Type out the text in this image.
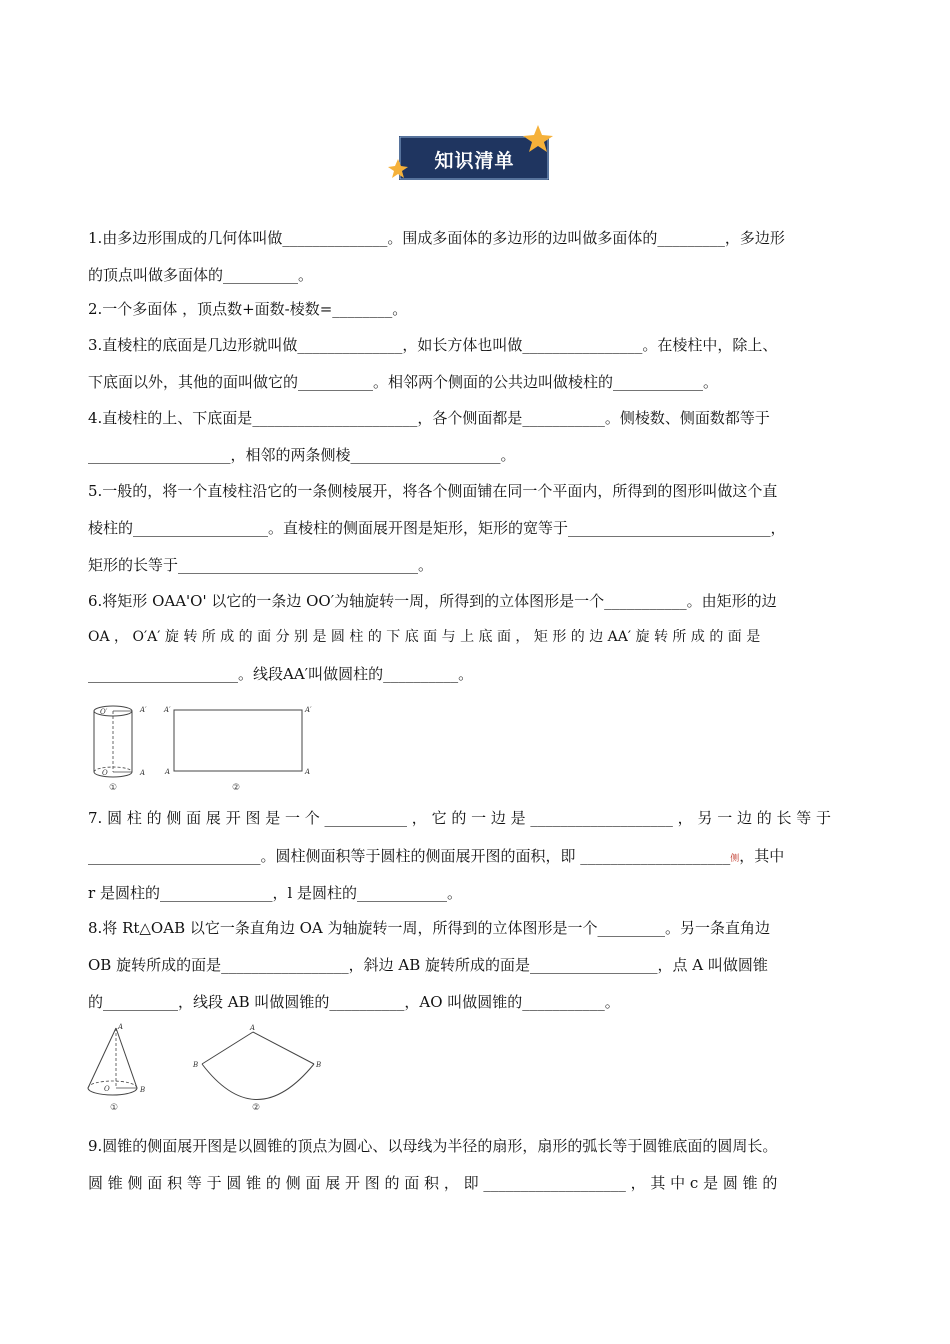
知识清单
1.由多边形围成的几何体叫做______________。围成多面体的多边形的边叫做多面体的_________，多边形
的顶点叫做多面体的__________。
2.一个多面体 ，顶点数+面数-棱数=________。
3.直棱柱的底面是几边形就叫做______________，如长方体也叫做________________。在棱柱中，除上、
下底面以外，其他的面叫做它的__________。相邻两个侧面的公共边叫做棱柱的____________。
4.直棱柱的上、下底面是______________________，各个侧面都是___________。侧棱数、侧面数都等于
___________________，相邻的两条侧棱____________________。
5.一般的，将一个直棱柱沿它的一条侧棱展开，将各个侧面铺在同一个平面内，所得到的图形叫做这个直
棱柱的__________________。直棱柱的侧面展开图是矩形，矩形的宽等于___________________________，
矩形的长等于________________________________。
6.将矩形 OAA'O' 以它的一条边 OO′为轴旋转一周，所得到的立体图形是一个___________。由矩形的边
OA ， O′A′ 旋 转 所 成 的 面 分 别 是 圆 柱 的 下 底 面 与 上 底 面 ， 矩 形 的 边 AA′ 旋 转 所 成 的 面 是
____________________。线段AA′叫做圆柱的__________。
O′	A′
O	A
①
A′	A′
A	A
②
7. 圆 柱 的 侧 面 展 开 图 是 一 个 ___________ ， 它 的 一 边 是 ___________________ ， 另 一 边 的 长 等 于
_______________________。圆柱侧面积等于圆柱的侧面展开图的面积，即 ____________________侧，其中
r 是圆柱的_______________，l 是圆柱的____________。
8.将 Rt△OAB 以它一条直角边 OA 为轴旋转一周，所得到的立体图形是一个_________。另一条直角边
OB 旋转所成的面是_________________，斜边 AB 旋转所成的面是_________________，点 A 叫做圆锥
的__________，线段 AB 叫做圆锥的__________，AO 叫做圆锥的___________。
A
O	B
①
A
B	B
②
9.圆锥的侧面展开图是以圆锥的顶点为圆心、以母线为半径的扇形，扇形的弧长等于圆锥底面的圆周长。
圆 锥 侧 面 积 等 于 圆 锥 的 侧 面 展 开 图 的 面 积 ， 即 ___________________ ， 其 中 c 是 圆 锥 的
